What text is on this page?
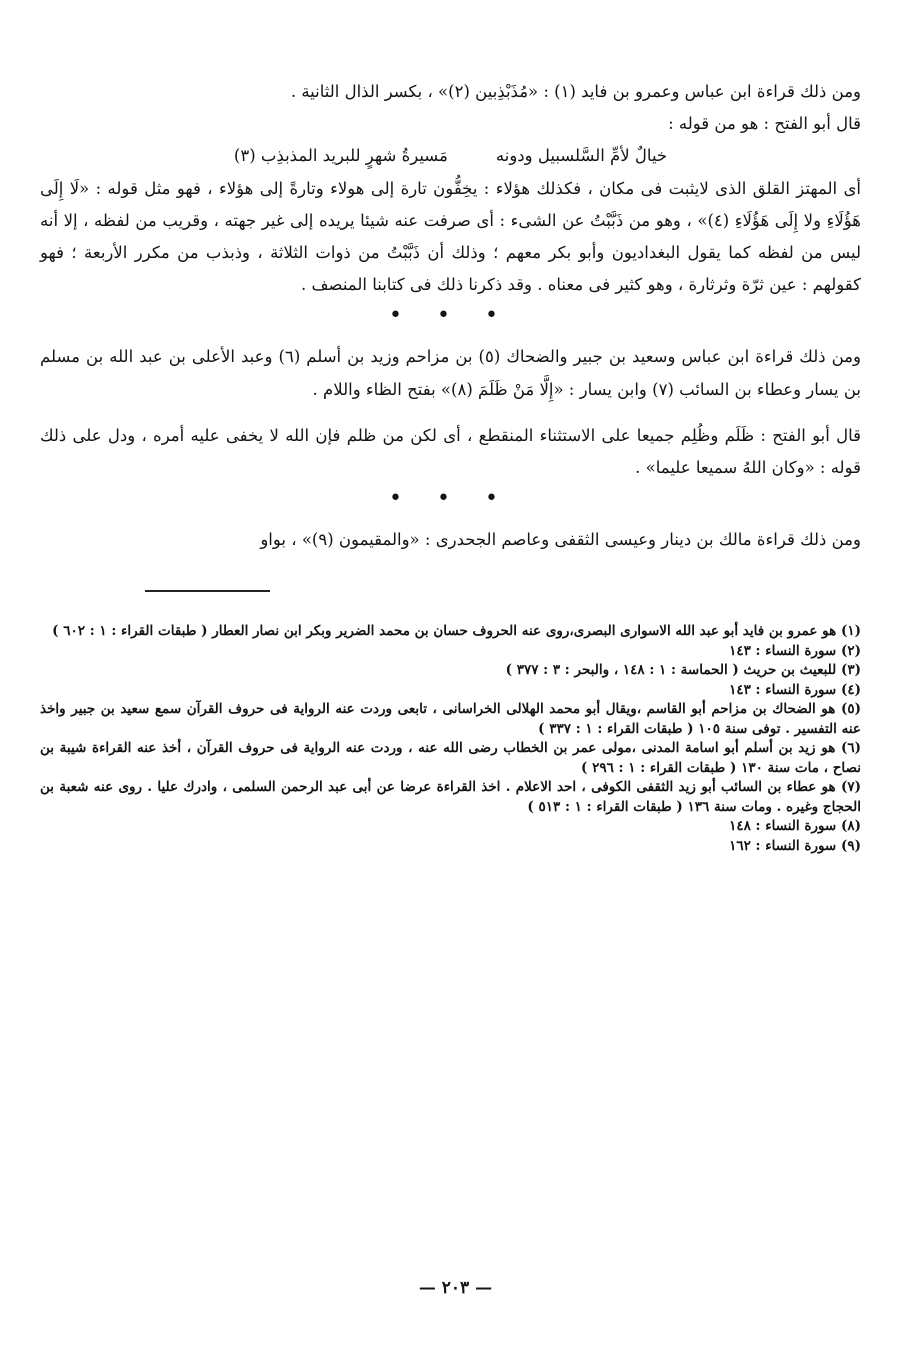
ومن ذلك قراءة ابن عباس وعمرو بن فايد (١) : «مُذَبْذِبين (٢)» ، بكسر الذال الثانية .

قال أبو الفتح : هو من قوله :

خيالٌ لأمِّ السَّلسبيل ودونه
مَسيرةُ شهرٍ للبريد المذبذِب (٣)

أى المهتز القلق الذى لايثبت فى مكان ، فكذلك هؤلاء : يخِفُّون تارة إلى هولاء وتارةً إلى هؤلاء ، فهو مثل قوله : «لَا إِلَى هَؤُلَاءِ ولا إِلَى هَؤُلَاءِ (٤)» ، وهو من ذَبَّبْتُ عن الشىء : أى صرفت عنه شيئا يريده إلى غير جهته ، وقريب من لفظه ، إلا أنه ليس من لفظه كما يقول البغداديون وأبو بكر معهم ؛ وذلك أن ذَبَّبْتُ من ذوات الثلاثة ، وذبذب من مكرر الأربعة ؛ فهو كقولهم : عين ثرّة وثرثارة ، وهو كثير فى معناه . وقد ذكرنا ذلك فى كتابنا المنصف .

• • •

ومن ذلك قراءة ابن عباس وسعيد بن جبير والضحاك (٥) بن مزاحم وزيد بن أسلم (٦) وعبد الأعلى بن عبد الله بن مسلم بن يسار وعطاء بن السائب (٧) وابن يسار : «إِلَّا مَنْ ظَلَمَ (٨)» بفتح الظاء واللام .

قال أبو الفتح : ظَلَم وظُلِم جميعا على الاستثناء المنقطع ، أى لكن من ظلم فإن الله لا يخفى عليه أمره ، ودل على ذلك قوله : «وكان اللهُ سميعا عليما» .

• • •

ومن ذلك قراءة مالك بن دينار وعيسى الثقفى وعاصم الجحدرى : «والمقيمون (٩)» ، بواو

(١) هو عمرو بن فايد أبو عبد الله الاسوارى البصرى،روى عنه الحروف حسان بن محمد الضرير وبكر ابن نصار العطار ( طبقات القراء : ١ : ٦٠٢ )

(٢) سورة النساء : ١٤٣

(٣) للبعيث بن حريث ( الحماسة : ١ : ١٤٨ ، والبحر : ٣ : ٣٧٧ )

(٤) سورة النساء : ١٤٣

(٥) هو الضحاك بن مزاحم أبو القاسم ،ويقال أبو محمد الهلالى الخراسانى ، تابعى وردت عنه الرواية فى حروف القرآن سمع سعيد بن جبير واخذ عنه التفسير . توفى سنة ١٠٥ ( طبقات القراء : ١ : ٣٣٧ )

(٦) هو زيد بن أسلم أبو اسامة المدنى ،مولى عمر بن الخطاب رضى الله عنه ، وردت عنه الرواية فى حروف القرآن ، أخذ عنه القراءة شيبة بن نصاح ، مات سنة ١٣٠ ( طبقات القراء : ١ : ٢٩٦ )

(٧) هو عطاء بن السائب أبو زيد الثقفى الكوفى ، احد الاعلام . اخذ القراءة عرضا عن أبى عبد الرحمن السلمى ، وادرك عليا . روى عنه شعبة بن الحجاج وغيره . ومات سنة ١٣٦ ( طبقات القراء : ١ : ٥١٣ )

(٨) سورة النساء : ١٤٨

(٩) سورة النساء : ١٦٢

— ٢٠٣ —
